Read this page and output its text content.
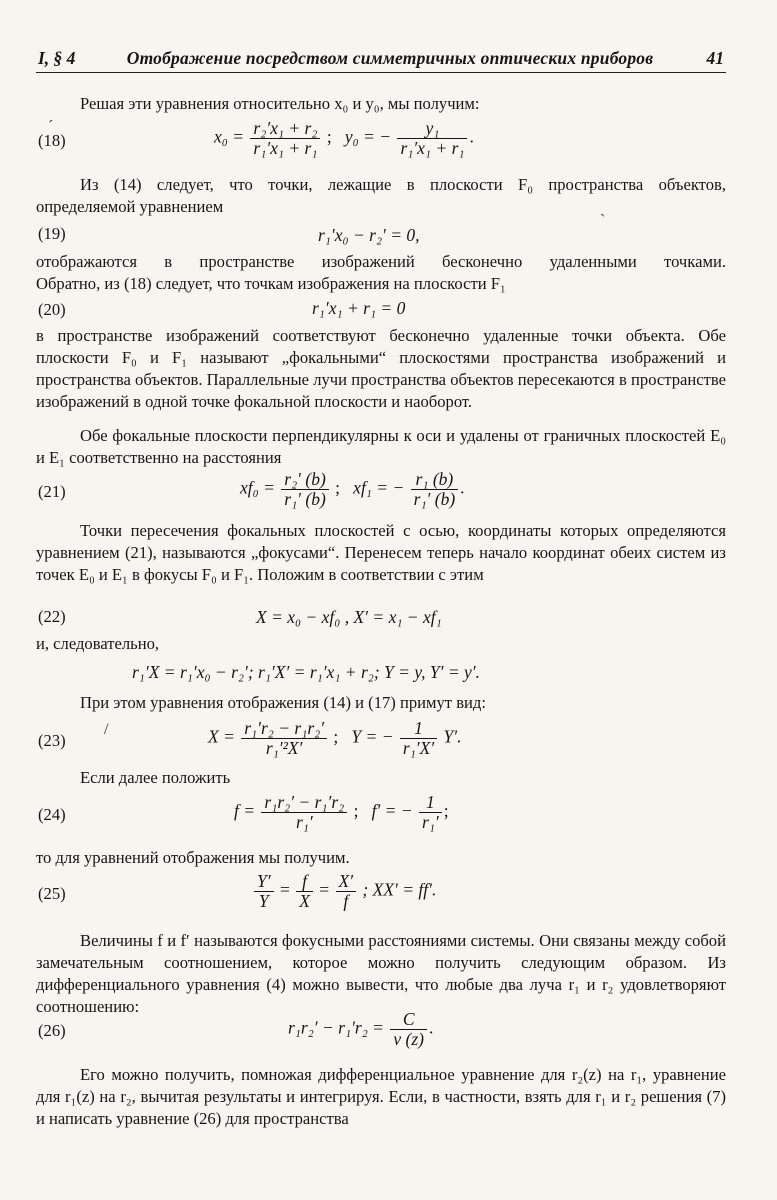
I, § 4	Отображение посредством симметричных оптических приборов	41
Решая эти уравнения относительно x₀ и y₀, мы получим:
(18)	$x_0 = \frac{\text{r₂′x₁ + r₂}}{\text{r₁′x₁ + r₁}}$ ; y₀ = − $\frac{\text{y₁}}{\text{r₁′x₁ + r₁}}$ .
Из (14) следует, что точки, лежащие в плоскости F₀ пространства объектов,
определяемой уравнением
(19)	r₁′x₀ − r₂′ = 0,
отображаются в пространстве изображений бесконечно удаленными точками.
Обратно, из (18) следует, что точкам изображения на плоскости F₁
(20)	r₁′x₁ + r₁ = 0
в пространстве изображений соответствуют бесконечно удаленные точки объекта. Обе плоскости F₀ и F₁ называют „фокальными“ плоскостями пространства изображений и пространства объектов. Параллельные лучи пространства объектов пересекаются в пространстве изображений в одной точке фокальной плоскости и наоборот.
Обе фокальные плоскости перпендикулярны к оси и удалены от граничных плоскостей E₀ и E₁ соответственно на расстояния
(21)	$xf_0 = \frac{\text{r₂′ (b)}}{\text{r₁′ (b)}}$ ; xf₁ = − $\frac{\text{r₁ (b)}}{\text{r₁′ (b)}}$ .
Точки пересечения фокальных плоскостей с осью, координаты которых определяются уравнением (21), называются „фокусами“. Перенесем теперь начало координат обеих систем из точек E₀ и E₁ в фокусы F₀ и F₁. Положим в соответствии с этим
(22)	X = x₀ − xf₀ , X′ = x₁ − xf₁
и, следовательно,
r₁′X = r₁′x₀ − r₂′; r₁′X′ = r₁′x₁ + r₂; Y = y, Y′ = y′.
При этом уравнения отображения (14) и (17) примут вид:
(23)	$X = \frac{\text{r₁′r₂ − r₁r₂′}}{\text{r₁′²X′}}$ ; Y = − $\frac{1}{\text{r₁′X′}} Y'$.
Если далее положить
(24)	$f = \frac{\text{r₁r₂′ − r₁′r₂}}{\text{r₁′}}$ ; f′ = − $\frac{1}{\text{r₁′}}$ ;
то для уравнений отображения мы получим.
(25)	$\frac{Y'}{Y} = \frac{f}{X} = \frac{X'}{f}$ ; XX′ = ff′.
Величины f и f′ называются фокусными расстояниями системы. Они связаны между собой замечательным соотношением, которое можно получить следующим образом. Из дифференциального уравнения (4) можно вывести, что любые два луча r₁ и r₂ удовлетворяют соотношению:
(26)	$r_1r_2' - r_1'r_2 = \frac{C}{\nu (z)}$ .
Его можно получить, помножая дифференциальное уравнение для r₂(z) на r₁, уравнение для r₁(z) на r₂, вычитая результаты и интегрируя. Если, в частности, взять для r₁ и r₂ решения (7) и написать уравнение (26) для пространства
´
`
/
